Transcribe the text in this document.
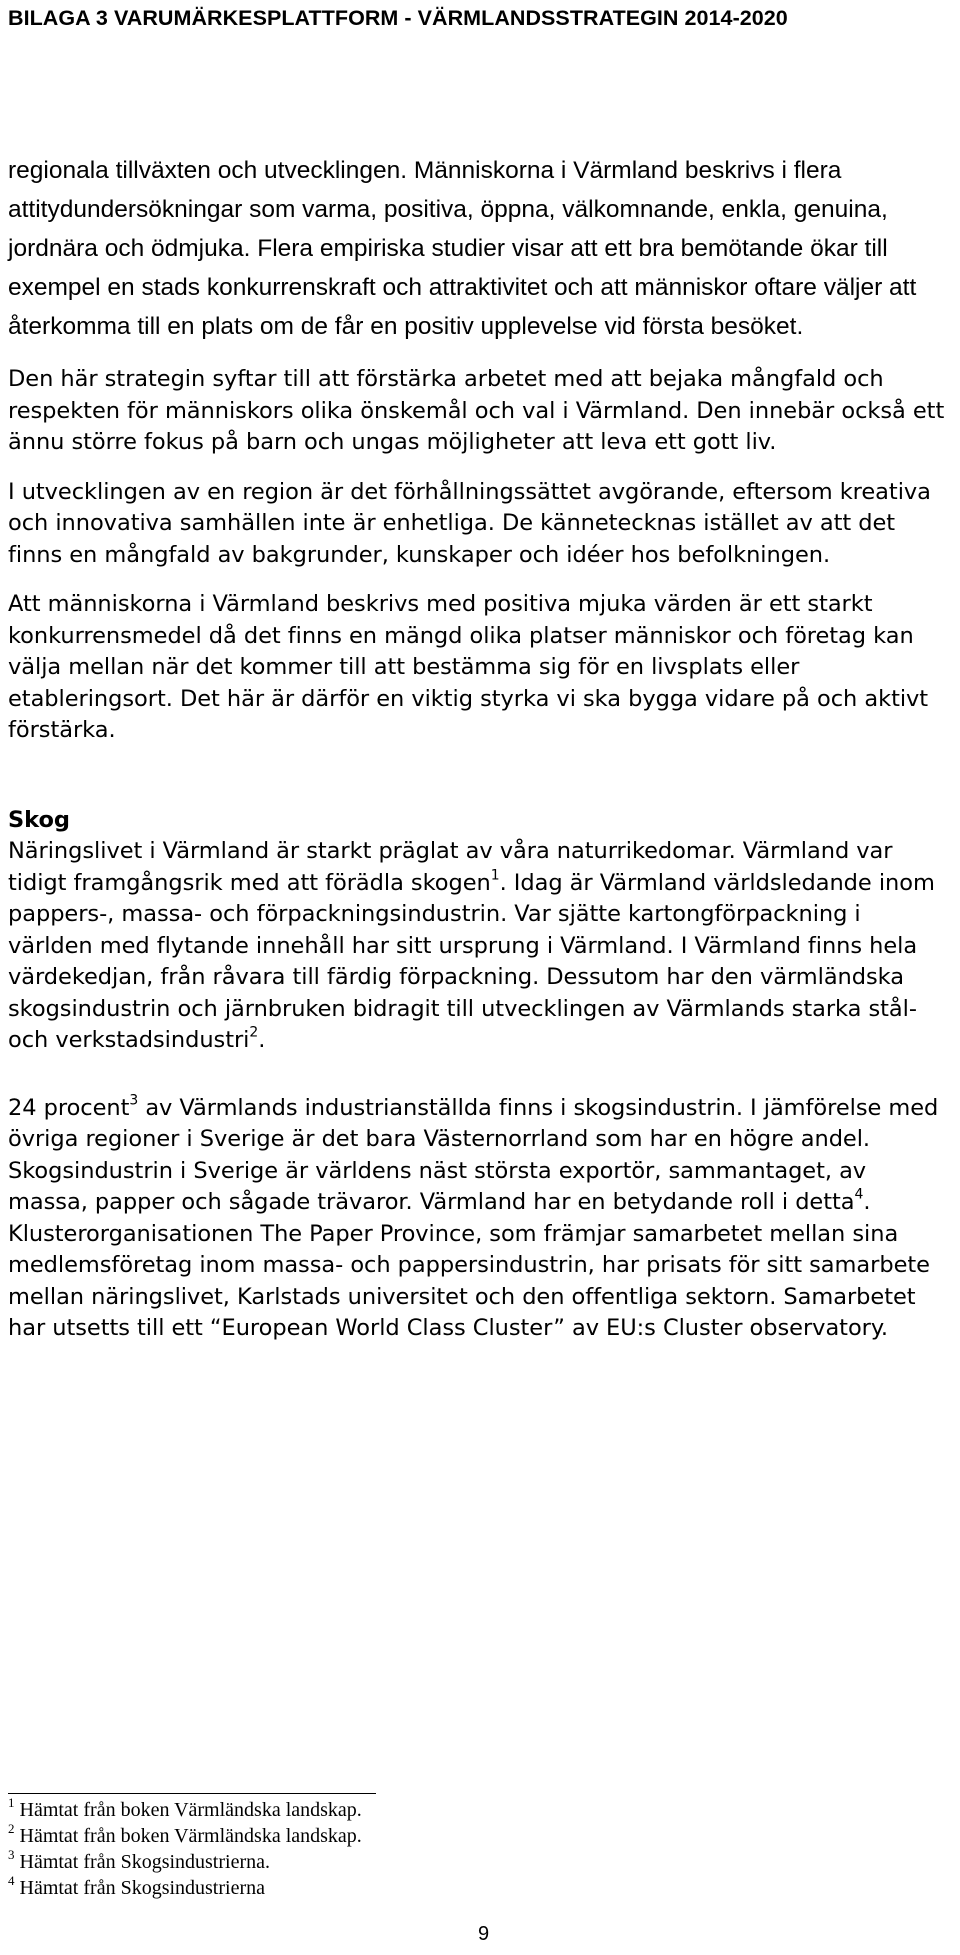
BILAGA 3 VARUMÄRKESPLATTFORM - VÄRMLANDSSTRATEGIN 2014-2020

regionala tillväxten och utvecklingen. Människorna i Värmland beskrivs i flera attitydundersökningar som varma, positiva, öppna, välkomnande, enkla, genuina, jordnära och ödmjuka. Flera empiriska studier visar att ett bra bemötande ökar till exempel en stads konkurrenskraft och attraktivitet och att människor oftare väljer att återkomma till en plats om de får en positiv upplevelse vid första besöket.

Den här strategin syftar till att förstärka arbetet med att bejaka mångfald och respekten för människors olika önskemål och val i Värmland. Den innebär också ett ännu större fokus på barn och ungas möjligheter att leva ett gott liv.

I utvecklingen av en region är det förhållningssättet avgörande, eftersom kreativa och innovativa samhällen inte är enhetliga. De kännetecknas istället av att det finns en mångfald av bakgrunder, kunskaper och idéer hos befolkningen.

Att människorna i Värmland beskrivs med positiva mjuka värden är ett starkt konkurrensmedel då det finns en mängd olika platser människor och företag kan välja mellan när det kommer till att bestämma sig för en livsplats eller etableringsort. Det här är därför en viktig styrka vi ska bygga vidare på och aktivt förstärka.

Skog

Näringslivet i Värmland är starkt präglat av våra naturrikedomar. Värmland var tidigt framgångsrik med att förädla skogen$^1$. Idag är Värmland världsledande inom pappers-, massa- och förpackningsindustrin. Var sjätte kartongförpackning i världen med flytande innehåll har sitt ursprung i Värmland. I Värmland finns hela värdekedjan, från råvara till färdig förpackning. Dessutom har den värmländska skogsindustrin och järnbruken bidragit till utvecklingen av Värmlands starka stål- och verkstadsindustri$^2$.

24 procent$^3$ av Värmlands industrianställda finns i skogsindustrin. I jämförelse med övriga regioner i Sverige är det bara Västernorrland som har en högre andel. Skogsindustrin i Sverige är världens näst största exportör, sammantaget, av massa, papper och sågade trävaror. Värmland har en betydande roll i detta$^4$. Klusterorganisationen The Paper Province, som främjar samarbetet mellan sina medlemsföretag inom massa- och pappersindustrin, har prisats för sitt samarbete mellan näringslivet, Karlstads universitet och den offentliga sektorn. Samarbetet har utsetts till ett “European World Class Cluster” av EU:s Cluster observatory.

$^1$ Hämtat från boken Värmländska landskap.
$^2$ Hämtat från boken Värmländska landskap.
$^3$ Hämtat från Skogsindustrierna.
$^4$ Hämtat från Skogsindustrierna
9
